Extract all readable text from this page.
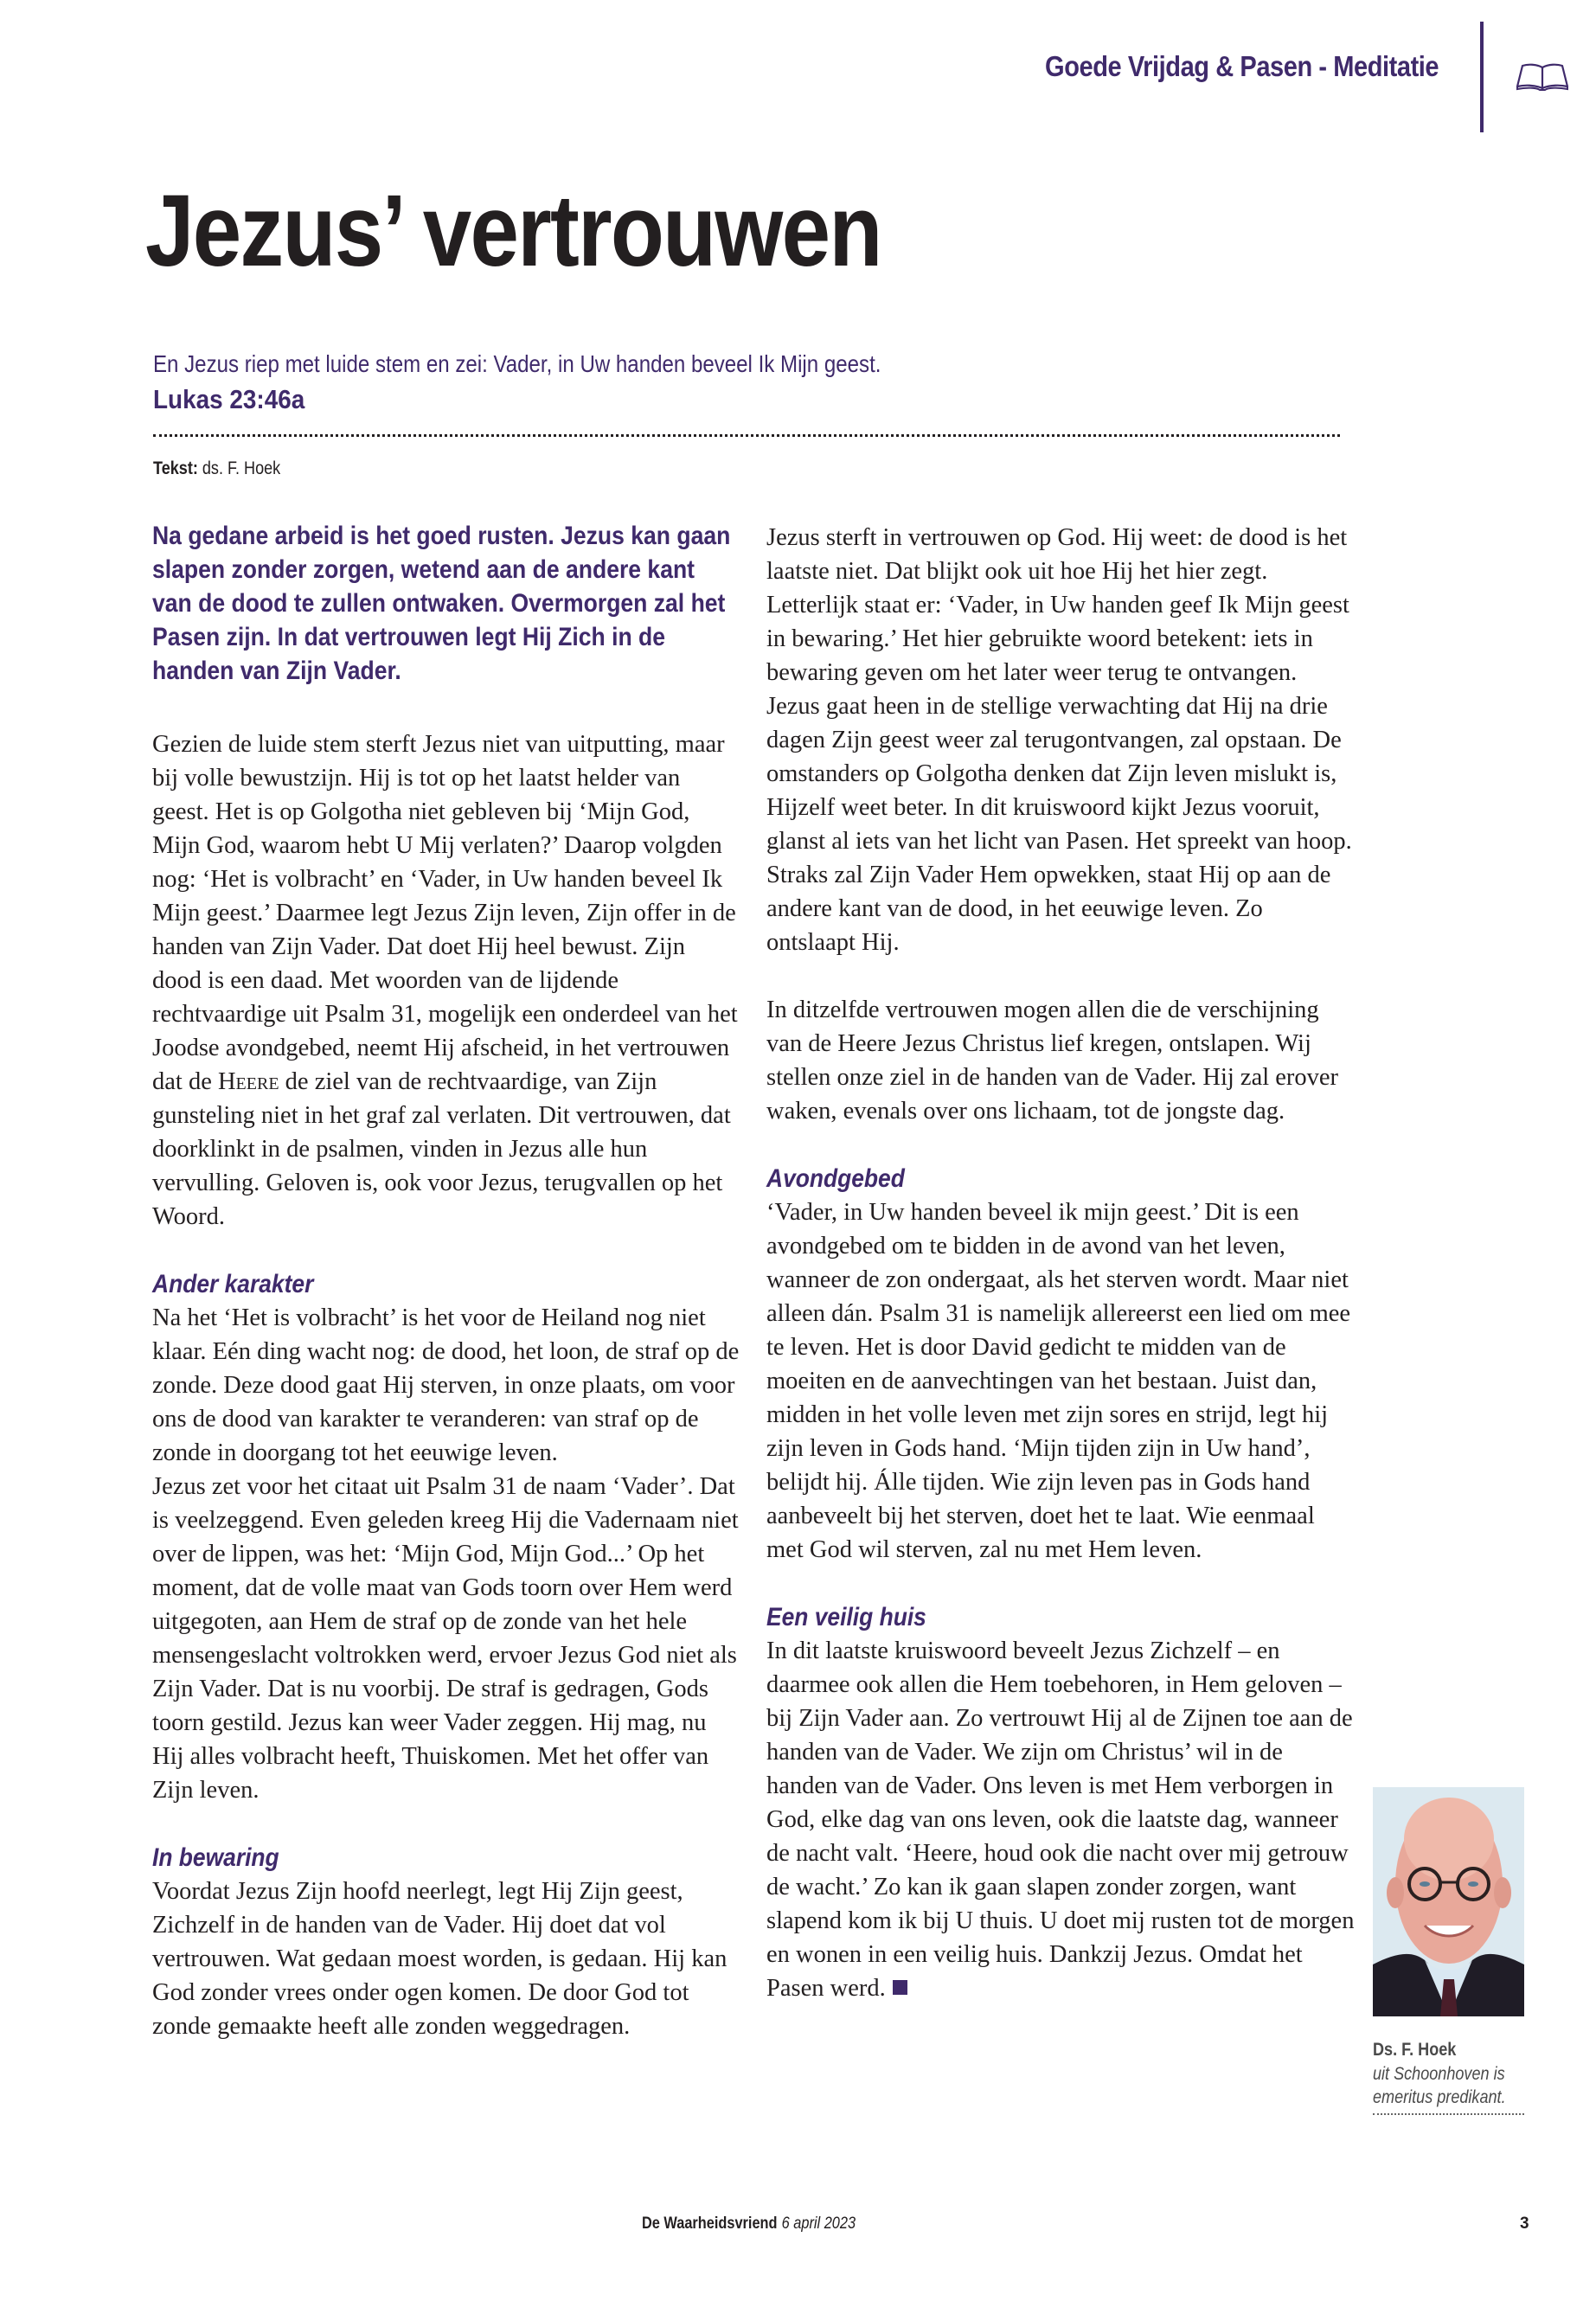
Goede Vrijdag & Pasen - Meditatie
Jezus’ vertrouwen
En Jezus riep met luide stem en zei: Vader, in Uw handen beveel Ik Mijn geest.
Lukas 23:46a
Tekst: ds. F. Hoek

Na gedane arbeid is het goed rusten. Jezus kan gaan slapen zonder zorgen, wetend aan de andere kant van de dood te zullen ontwaken. Overmorgen zal het Pasen zijn. In dat vertrouwen legt Hij Zich in de handen van Zijn Vader.

Gezien de luide stem sterft Jezus niet van uitputting, maar bij volle bewustzijn. Hij is tot op het laatst helder van geest. Het is op Golgotha niet gebleven bij ‘Mijn God, Mijn God, waarom hebt U Mij verlaten?’ Daarop volgden nog: ‘Het is volbracht’ en ‘Vader, in Uw handen beveel Ik Mijn geest.’ Daarmee legt Jezus Zijn leven, Zijn offer in de handen van Zijn Vader. Dat doet Hij heel bewust. Zijn dood is een daad. Met woorden van de lijdende rechtvaardige uit Psalm 31, mogelijk een onderdeel van het Joodse avondgebed, neemt Hij afscheid, in het vertrouwen dat de Heere de ziel van de rechtvaardige, van Zijn gunsteling niet in het graf zal verlaten. Dit vertrouwen, dat doorklinkt in de psalmen, vinden in Jezus alle hun vervulling. Geloven is, ook voor Jezus, terugvallen op het Woord.

Ander karakter

Na het ‘Het is volbracht’ is het voor de Heiland nog niet klaar. Eén ding wacht nog: de dood, het loon, de straf op de zonde. Deze dood gaat Hij sterven, in onze plaats, om voor ons de dood van karakter te veranderen: van straf op de zonde in doorgang tot het eeuwige leven.

Jezus zet voor het citaat uit Psalm 31 de naam ‘Vader’. Dat is veelzeggend. Even geleden kreeg Hij die Vadernaam niet over de lippen, was het: ‘Mijn God, Mijn God...’ Op het moment, dat de volle maat van Gods toorn over Hem werd uitgegoten, aan Hem de straf op de zonde van het hele mensengeslacht voltrokken werd, ervoer Jezus God niet als Zijn Vader. Dat is nu voorbij. De straf is gedragen, Gods toorn gestild. Jezus kan weer Vader zeggen. Hij mag, nu Hij alles volbracht heeft, Thuiskomen. Met het offer van Zijn leven.

In bewaring

Voordat Jezus Zijn hoofd neerlegt, legt Hij Zijn geest, Zichzelf in de handen van de Vader. Hij doet dat vol vertrouwen. Wat gedaan moest worden, is gedaan. Hij kan God zonder vrees onder ogen komen. De door God tot zonde gemaakte heeft alle zonden weggedragen.

Jezus sterft in vertrouwen op God. Hij weet: de dood is het laatste niet. Dat blijkt ook uit hoe Hij het hier zegt. Letterlijk staat er: ‘Vader, in Uw handen geef Ik Mijn geest in bewaring.’ Het hier gebruikte woord betekent: iets in bewaring geven om het later weer terug te ontvangen. Jezus gaat heen in de stellige verwachting dat Hij na drie dagen Zijn geest weer zal terugontvangen, zal opstaan. De omstanders op Golgotha denken dat Zijn leven mislukt is, Hijzelf weet beter. In dit kruiswoord kijkt Jezus vooruit, glanst al iets van het licht van Pasen. Het spreekt van hoop. Straks zal Zijn Vader Hem opwekken, staat Hij op aan de andere kant van de dood, in het eeuwige leven. Zo ontslaapt Hij.

In ditzelfde vertrouwen mogen allen die de verschijning van de Heere Jezus Christus lief kregen, ontslapen. Wij stellen onze ziel in de handen van de Vader. Hij zal erover waken, evenals over ons lichaam, tot de jongste dag.

Avondgebed

‘Vader, in Uw handen beveel ik mijn geest.’ Dit is een avondgebed om te bidden in de avond van het leven, wanneer de zon ondergaat, als het sterven wordt. Maar niet alleen dán. Psalm 31 is namelijk allereerst een lied om mee te leven. Het is door David gedicht te midden van de moeiten en de aanvechtingen van het bestaan. Juist dan, midden in het volle leven met zijn sores en strijd, legt hij zijn leven in Gods hand. ‘Mijn tijden zijn in Uw hand’, belijdt hij. Álle tijden. Wie zijn leven pas in Gods hand aanbeveelt bij het sterven, doet het te laat. Wie eenmaal met God wil sterven, zal nu met Hem leven.

Een veilig huis

In dit laatste kruiswoord beveelt Jezus Zichzelf – en daarmee ook allen die Hem toebehoren, in Hem geloven – bij Zijn Vader aan. Zo vertrouwt Hij al de Zijnen toe aan de handen van de Vader. We zijn om Christus’ wil in de handen van de Vader. Ons leven is met Hem verborgen in God, elke dag van ons leven, ook die laatste dag, wanneer de nacht valt. ‘Heere, houd ook die nacht over mij getrouw de wacht.’ Zo kan ik gaan slapen zonder zorgen, want slapend kom ik bij U thuis. U doet mij rusten tot de morgen en wonen in een veilig huis. Dankzij Jezus. Omdat het Pasen werd.

Ds. F. Hoek
uit Schoonhoven is
emeritus predikant.
De Waarheidsvriend 6 april 2023	3
